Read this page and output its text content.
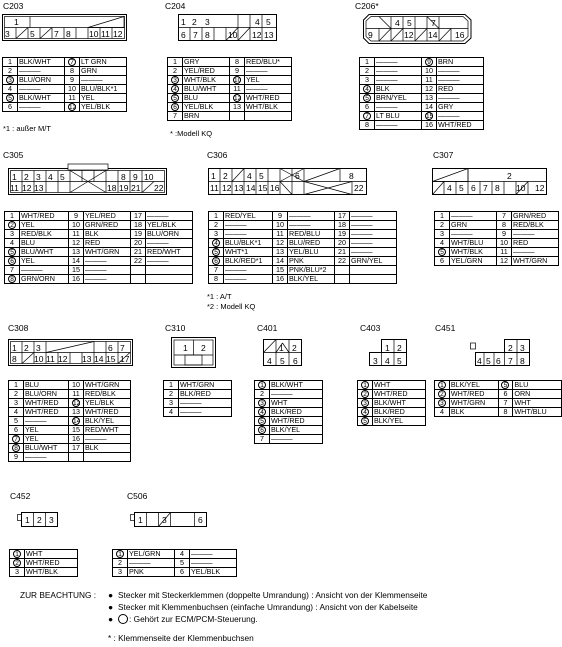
C203	C204	C206*
C305	C306	C307
C308	C310	C401	C403	C451
C452	C506
1
3 5 7 8 10 11 12
1 2 3	4 5
6 7 8 10 12 13
4 5 7
9	12 14 16
1 2 3 4 5	8 9 10
11 12 13	18 19 21 22
1 2 4 5	6	8
11 12 13 14 15 16	22
2
4 5 6 7 8 10 12
1 2 3	6 7
8 10 11 12 13 14 15 17
1 2	1 2
4 5 6
1 2
3 4 5
2 3
4 5 6 7 8
1 2 3	1 3	6
1	BLK/WHT	7	LT GRN
2	———	8	GRN
3	BLU/ORN	9	———
4	———	10	BLU/BLK*1
5	BLK/WHT	11	YEL
6	———	12	YEL/BLK
1	GRY	8	RED/BLU*
2	YEL/RED	9	———
3	WHT/BLK	10	YEL
4	BLU/WHT	11	———
5	BLU	12	WHT/RED
6	YEL/BLK	13	WHT/BLK
7	BRN		
1	———	9	BRN
2	———	10	———
3	———	11	———
4	BLK	12	RED
5	BRN/YEL	13	———
6	———	14	GRY
7	LT BLU	15	———
8	———	16	WHT/RED
1	WHT/RED	9	YEL/RED	17	———
2	YEL	10	GRN/RED	18	YEL/BLK
3	RED/BLK	11	BLK	19	BLU/ORN
4	BLU	12	RED	20	———
5	BLU/WHT	13	WHT/GRN	21	RED/WHT
6	YEL	14	———	22	———
7	———	15	———		
8	GRN/ORN	16	———		
1	RED/YEL	9	———	17	———
2	———	10	———	18	———
3	———	11	RED/BLU	19	———
4	BLU/BLK*1	12	BLU/RED	20	———
5	WHT*1	13	YEL/BLU	21	———
6	BLK/RED*1	14	PNK	22	GRN/YEL
7	———	15	PNK/BLU*2		
8	———	16	BLK/YEL		
1	———	7	GRN/RED
2	GRN	8	RED/BLK
3	———	9	———
4	WHT/BLU	10	RED
5	WHT/BLK	11	———
6	YEL/GRN	12	WHT/GRN
1	BLU	10	WHT/GRN
2	BLU/ORN	11	RED/BLK
3	WHT/RED	12	YEL/BLK
4	WHT/RED	13	WHT/RED
5	———	14	BLK/YEL
6	YEL	15	RED/WHT
7	YEL	16	———
8	BLU/WHT	17	BLK
9	———		
1	WHT/GRN
2	BLK/RED
3	———
4	———
1	BLK/WHT
2	———
3	WHT
4	BLK/RED
5	WHT/RED
6	BLK/YEL
7	———
1	WHT
2	WHT/RED
3	BLK/WHT
4	BLK/RED
5	BLK/YEL
1	BLK/YEL	5	BLU
2	WHT/RED	6	ORN
3	WHT/GRN	7	WHT
4	BLK	8	WHT/BLU
1	WHT
2	WHT/RED
3	WHT/BLK
1	YEL/GRN	4	———
2	———	5	———
3	PNK	6	YEL/BLK
*1 : außer M/T
* :Modell KQ
*1 : A/T
*2 : Modell KQ
ZUR BEACHTUNG : ● Stecker mit Steckerklemmen (doppelte Umrandung) : Ansicht von der Klemmenseite
● Stecker mit Klemmenbuchsen (einfache Umrandung) : Ansicht von der Kabelseite
● : Gehört zur ECM/PCM-Steuerung.
* : Klemmenseite der Klemmenbuchsen
